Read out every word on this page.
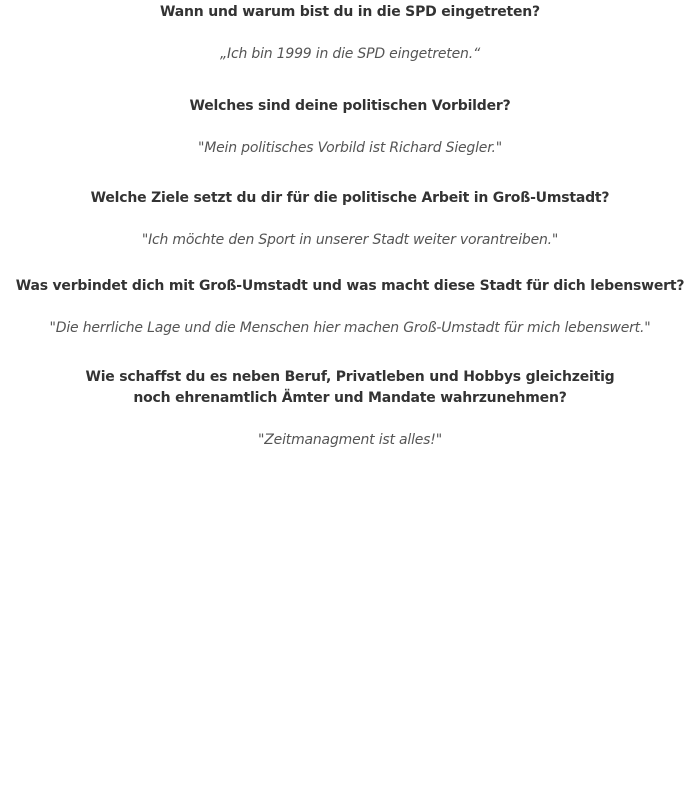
Wann und warum bist du in die SPD eingetreten?
„Ich bin 1999 in die SPD eingetreten.“
Welches sind deine politischen Vorbilder?
"Mein politisches Vorbild ist Richard Siegler."
Welche Ziele setzt du dir für die politische Arbeit in Groß-Umstadt?
"Ich möchte den Sport in unserer Stadt weiter vorantreiben."
Was verbindet dich mit Groß-Umstadt und was macht diese Stadt für dich lebenswert?
"Die herrliche Lage und die Menschen hier machen Groß-Umstadt für mich lebenswert."
Wie schaffst du es neben Beruf, Privatleben und Hobbys gleichzeitig
noch ehrenamtlich Ämter und Mandate wahrzunehmen?
"Zeitmanagment ist alles!"
